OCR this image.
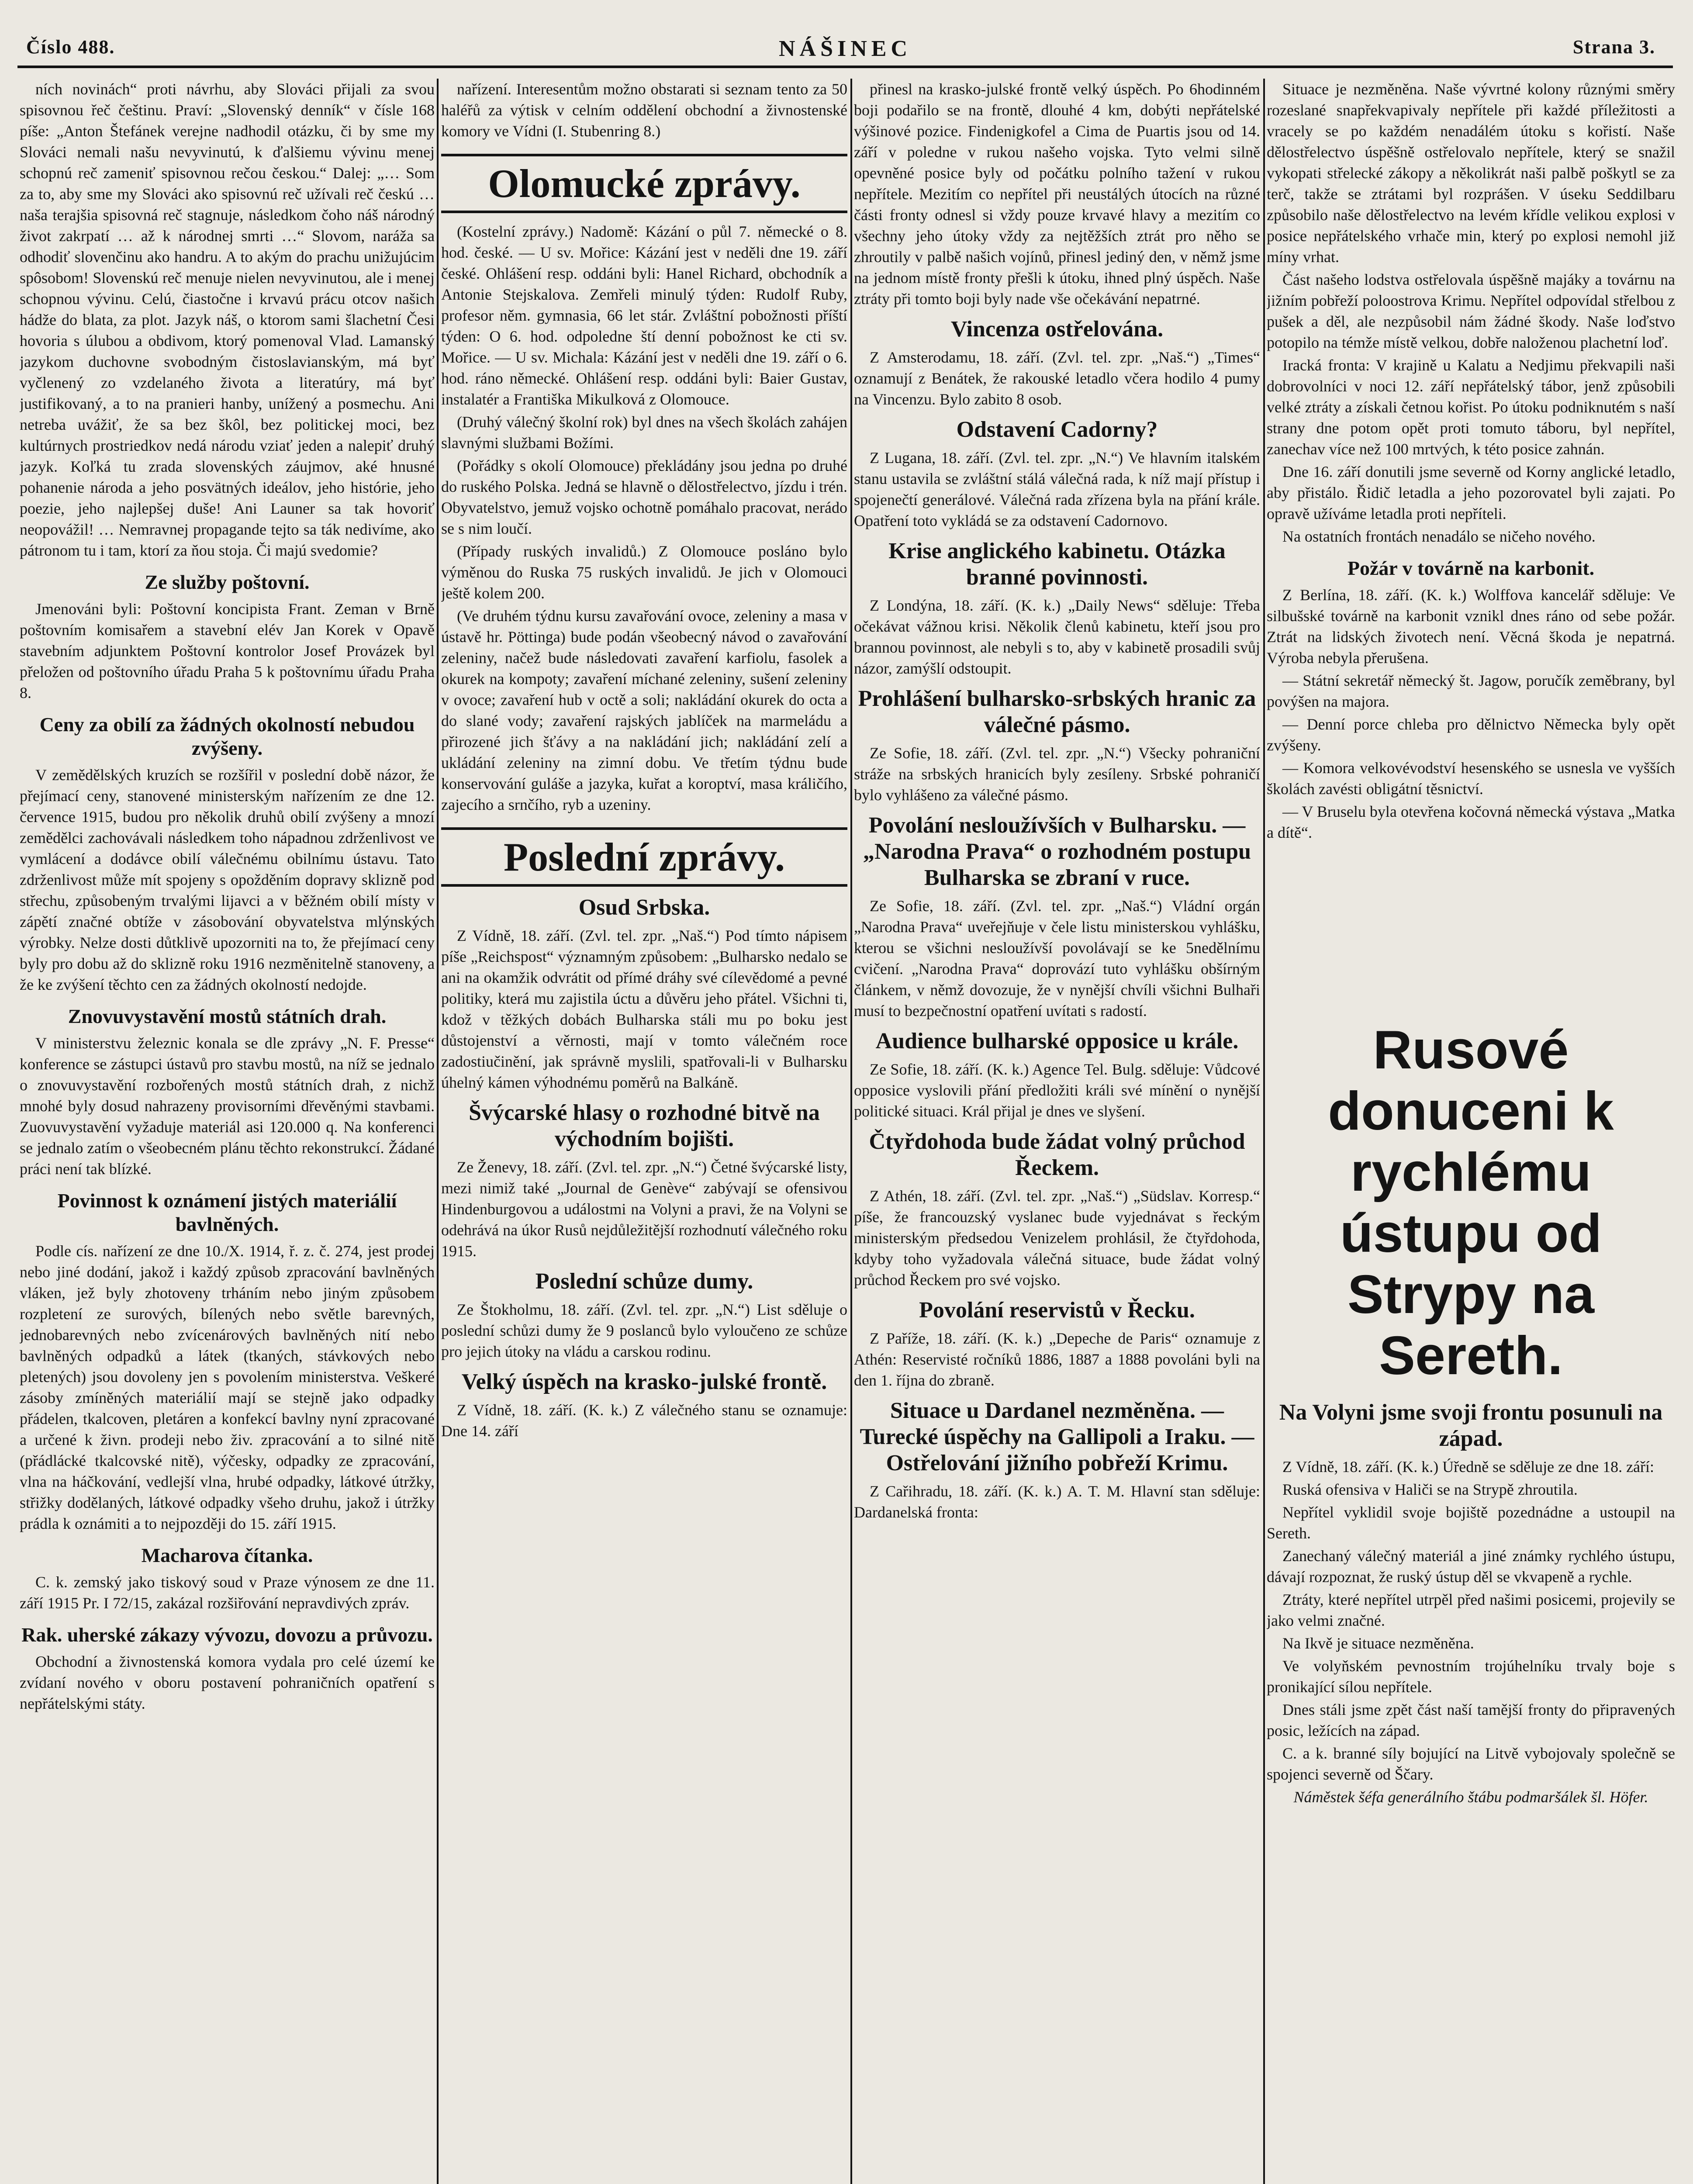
Číslo 488.	NÁŠINEC	Strana 3.

ních novinách“ proti návrhu, aby Slováci přijali za svou spisovnou řeč češtinu. Praví: „Slovenský denník“ v čísle 168 píše: „Anton Štefánek verejne nadhodil otázku, či by sme my Slováci nemali našu nevyvinutú, k ďalšiemu vývinu menej schopnú reč zameniť spisovnou rečou českou.“ Dalej: „… Som za to, aby sme my Slováci ako spisovnú reč užívali reč českú … naša terajšia spisovná reč stagnuje, následkom čoho náš národný život zakrpatí … až k národnej smrti …“ Slovom, naráža sa odhodiť slovenčinu ako handru. A to akým do prachu unižujúcim spôsobom! Slovenskú reč menuje nielen nevyvinutou, ale i menej schopnou vývinu. Celú, čiastočne i krvavú prácu otcov našich hádže do blata, za plot. Jazyk náš, o ktorom sami šlachetní Česi hovoria s úlubou a obdivom, ktorý pomenoval Vlad. Lamanský jazykom duchovne svobodným čistoslavianským, má byť vyčlenený zo vzdelaného života a literatúry, má byť justifikovaný, a to na pranieri hanby, unížený a posmechu. Ani netreba uvážiť, že sa bez škôl, bez politickej moci, bez kultúrnych prostriedkov nedá národu vziať jeden a nalepiť druhý jazyk. Koľká tu zrada slovenských záujmov, aké hnusné pohanenie národa a jeho posvätných ideálov, jeho histórie, jeho poezie, jeho najlepšej duše! Ani Launer sa tak hovoriť neopovážil! … Nemravnej propagande tejto sa ták nedivíme, ako pátronom tu i tam, ktorí za ňou stoja. Či majú svedomie?

Ze služby poštovní.

Jmenováni byli: Poštovní koncipista Frant. Zeman v Brně poštovním komisařem a stavební elév Jan Korek v Opavě stavebním adjunktem Poštovní kontrolor Josef Provázek byl přeložen od poštovního úřadu Praha 5 k poštovnímu úřadu Praha 8.

Ceny za obilí za žádných okolností nebudou zvýšeny.

V zemědělských kruzích se rozšířil v poslední době názor, že přejímací ceny, stanovené ministerským nařízením ze dne 12. července 1915, budou pro několik druhů obilí zvýšeny a mnozí zemědělci zachovávali následkem toho nápadnou zdrženlivost ve vymlácení a dodávce obilí válečnému obilnímu ústavu. Tato zdrženlivost může mít spojeny s opožděním dopravy sklizně pod střechu, způsobeným trvalými lijavci a v běžném obilí místy v zápětí značné obtíže v zásobování obyvatelstva mlýnských výrobky. Nelze dosti důtklivě upozorniti na to, že přejímací ceny byly pro dobu až do sklizně roku 1916 nezměnitelně stanoveny, a že ke zvýšení těchto cen za žádných okolností nedojde.

Znovuvystavění mostů státních drah.

V ministerstvu železnic konala se dle zprávy „N. F. Presse“ konference se zástupci ústavů pro stavbu mostů, na níž se jednalo o znovuvystavění rozbořených mostů státních drah, z nichž mnohé byly dosud nahrazeny provisorními dřevěnými stavbami. Zuovuvystavění vyžaduje materiál asi 120.000 q. Na konferenci se jednalo zatím o všeobecném plánu těchto rekonstrukcí. Žádané práci není tak blízké.

Povinnost k oznámení jistých materiálií bavlněných.

Podle cís. nařízení ze dne 10./X. 1914, ř. z. č. 274, jest prodej nebo jiné dodání, jakož i každý způsob zpracování bavlněných vláken, jež byly zhotoveny trháním nebo jiným způsobem rozpletení ze surových, bílených nebo světle barevných, jednobarevných nebo zvícenárových bavlněných nití nebo bavlněných odpadků a látek (tkaných, stávkových nebo pletených) jsou dovoleny jen s povolením ministerstva. Veškeré zásoby zmíněných materiálií mají se stejně jako odpadky přádelen, tkalcoven, pletáren a konfekcí bavlny nyní zpracované a určené k živn. prodeji nebo živ. zpracování a to silné nitě (přádlácké tkalcovské nitě), výčesky, odpadky ze zpracování, vlna na háčkování, vedlejší vlna, hrubé odpadky, látkové útržky, střižky dodělaných, látkové odpadky všeho druhu, jakož i útržky prádla k oznámiti a to nejpozději do 15. září 1915.

Macharova čítanka.

C. k. zemský jako tiskový soud v Praze výnosem ze dne 11. září 1915 Pr. I 72/15, zakázal rozšiřování nepravdivých zpráv.

Rak. uherské zákazy vývozu, dovozu a průvozu.

Obchodní a živnostenská komora vydala pro celé území ke zvídaní nového v oboru postavení pohraničních opatření s nepřátelskými státy.

nařízení. Interesentům možno obstarati si seznam tento za 50 haléřů za výtisk v celním oddělení obchodní a živnostenské komory ve Vídni (I. Stubenring 8.)

Olomucké zprávy.

(Kostelní zprávy.) Nadomě: Kázání o půl 7. německé o 8. hod. české. — U sv. Mořice: Kázání jest v neděli dne 19. září české. Ohlášení resp. oddáni byli: Hanel Richard, obchodník a Antonie Stejskalova. Zemřeli minulý týden: Rudolf Ruby, profesor něm. gymnasia, 66 let stár. Zvláštní pobožnosti příští týden: O 6. hod. odpoledne ští denní pobožnost ke cti sv. Mořice. — U sv. Michala: Kázání jest v neděli dne 19. září o 6. hod. ráno německé. Ohlášení resp. oddáni byli: Baier Gustav, instalatér a Františka Mikulková z Olomouce.

(Druhý válečný školní rok) byl dnes na všech školách zahájen slavnými službami Božími.

(Pořádky s okolí Olomouce) překládány jsou jedna po druhé do ruského Polska. Jedná se hlavně o dělostřelectvo, jízdu i trén. Obyvatelstvo, jemuž vojsko ochotně pomáhalo pracovat, nerádo se s nim loučí.

(Případy ruských invalidů.) Z Olomouce posláno bylo výměnou do Ruska 75 ruských invalidů. Je jich v Olomouci ještě kolem 200.

(Ve druhém týdnu kursu zavařování ovoce, zeleniny a masa v ústavě hr. Pöttinga) bude podán všeobecný návod o zavařování zeleniny, načež bude následovati zavaření karfiolu, fasolek a okurek na kompoty; zavaření míchané zeleniny, sušení zeleniny v ovoce; zavaření hub v octě a soli; nakládání okurek do octa a do slané vody; zavaření rajských jablíček na marmeládu a přirozené jich šťávy a na nakládání jich; nakládání zelí a ukládání zeleniny na zimní dobu. Ve třetím týdnu bude konservování guláše a jazyka, kuřat a koroptví, masa králičího, zajecího a srnčího, ryb a uzeniny.

Poslední zprávy.
Osud Srbska.

Z Vídně, 18. září. (Zvl. tel. zpr. „Naš.“) Pod tímto nápisem píše „Reichspost“ významným způsobem: „Bulharsko nedalo se ani na okamžik odvrátit od přímé dráhy své cílevědomé a pevné politiky, která mu zajistila úctu a důvěru jeho přátel. Všichni ti, kdož v těžkých dobách Bulharska stáli mu po boku jest důstojenství a věrnosti, mají v tomto válečném roce zadostiučinění, jak správně myslili, spatřovali-li v Bulharsku úhelný kámen výhodnému poměrů na Balkáně.

Švýcarské hlasy o rozhodné bitvě na východním bojišti.

Ze Ženevy, 18. září. (Zvl. tel. zpr. „N.“) Četné švýcarské listy, mezi nimiž také „Journal de Genève“ zabývají se ofensivou Hindenburgovou a událostmi na Volyni a pravi, že na Volyni se odehrává na úkor Rusů nejdůležitější rozhodnutí válečného roku 1915.

Poslední schůze dumy.

Ze Štokholmu, 18. září. (Zvl. tel. zpr. „N.“) List sděluje o poslední schůzi dumy že 9 poslanců bylo vyloučeno ze schůze pro jejich útoky na vládu a carskou rodinu.

Velký úspěch na krasko-julské frontě.

Z Vídně, 18. září. (K. k.) Z válečného stanu se oznamuje: Dne 14. září

přinesl na krasko-julské frontě velký úspěch. Po 6hodinném boji podařilo se na frontě, dlouhé 4 km, dobýti nepřátelské výšinové pozice. Findenigkofel a Cima de Puartis jsou od 14. září v poledne v rukou našeho vojska. Tyto velmi silně opevněné posice byly od počátku polního tažení v rukou nepřítele. Mezitím co nepřítel při neustálých útocích na různé části fronty odnesl si vždy pouze krvavé hlavy a mezitím co všechny jeho útoky vždy za nejtěžších ztrát pro něho se zhroutily v palbě našich vojínů, přinesl jediný den, v němž jsme na jednom místě fronty přešli k útoku, ihned plný úspěch. Naše ztráty při tomto boji byly nade vše očekávání nepatrné.

Vincenza ostřelována.

Z Amsterodamu, 18. září. (Zvl. tel. zpr. „Naš.“) „Times“ oznamují z Benátek, že rakouské letadlo včera hodilo 4 pumy na Vincenzu. Bylo zabito 8 osob.

Odstavení Cadorny?

Z Lugana, 18. září. (Zvl. tel. zpr. „N.“) Ve hlavním italském stanu ustavila se zvláštní stálá válečná rada, k níž mají přístup i spojenečtí generálové. Válečná rada zřízena byla na přání krále. Opatření toto vykládá se za odstavení Cadornovo.

Krise anglického kabinetu. Otázka branné povinnosti.

Z Londýna, 18. září. (K. k.) „Daily News“ sděluje: Třeba očekávat vážnou krisi. Několik členů kabinetu, kteří jsou pro brannou povinnost, ale nebyli s to, aby v kabinetě prosadili svůj názor, zamýšlí odstoupit.

Prohlášení bulharsko-srbských hranic za válečné pásmo.

Ze Sofie, 18. září. (Zvl. tel. zpr. „N.“) Všecky pohraniční stráže na srbských hranicích byly zesíleny. Srbské pohraničí bylo vyhlášeno za válečné pásmo.

Povolání nesloužívších v Bulharsku. — „Narodna Prava“ o rozhodném postupu Bulharska se zbraní v ruce.

Ze Sofie, 18. září. (Zvl. tel. zpr. „Naš.“) Vládní orgán „Narodna Prava“ uveřejňuje v čele listu ministerskou vyhlášku, kterou se všichni nesloužívší povolávají se ke 5nedělnímu cvičení. „Narodna Prava“ doprovází tuto vyhlášku obšírným článkem, v němž dovozuje, že v nynější chvíli všichni Bulhaři musí to bezpečnostní opatření uvítati s radostí.

Audience bulharské opposice u krále.

Ze Sofie, 18. září. (K. k.) Agence Tel. Bulg. sděluje: Vůdcové opposice vyslovili přání předložiti králi své mínění o nynější politické situaci. Král přijal je dnes ve slyšení.

Čtyřdohoda bude žádat volný průchod Řeckem.

Z Athén, 18. září. (Zvl. tel. zpr. „Naš.“) „Südslav. Korresp.“ píše, že francouzský vyslanec bude vyjednávat s řeckým ministerským předsedou Venizelem prohlásil, že čtyřdohoda, kdyby toho vyžadovala válečná situace, bude žádat volný průchod Řeckem pro své vojsko.

Povolání reservistů v Řecku.

Z Paříže, 18. září. (K. k.) „Depeche de Paris“ oznamuje z Athén: Reservisté ročníků 1886, 1887 a 1888 povoláni byli na den 1. října do zbraně.

Situace u Dardanel nezměněna. — Turecké úspěchy na Gallipoli a Iraku. — Ostřelování jižního pobřeží Krimu.

Z Cařihradu, 18. září. (K. k.) A. T. M. Hlavní stan sděluje: Dardanelská fronta:

Situace je nezměněna. Naše vývrtné kolony různými směry rozeslané snapřekvapivaly nepřítele při každé příležitosti a vracely se po každém nenadálém útoku s kořistí. Naše dělostřelectvo úspěšně ostřelovalo nepřítele, který se snažil vykopati střelecké zákopy a několikrát naši palbě poškytl se za terč, takže se ztrátami byl rozprášen. V úseku Seddilbaru způsobilo naše dělostřelectvo na levém křídle velikou explosi v posice nepřátelského vrhače min, který po explosi nemohl již míny vrhat.

Část našeho lodstva ostřelovala úspěšně majáky a továrnu na jižním pobřeží poloostrova Krimu. Nepřítel odpovídal střelbou z pušek a děl, ale nezpůsobil nám žádné škody. Naše loďstvo potopilo na témže místě velkou, dobře naloženou plachetní loď.

Iracká fronta: V krajině u Kalatu a Nedjimu překvapili naši dobrovolníci v noci 12. září nepřátelský tábor, jenž způsobili velké ztráty a získali četnou kořist. Po útoku podniknutém s naší strany dne potom opět proti tomuto táboru, byl nepřítel, zanechav více než 100 mrtvých, k této posice zahnán.

Dne 16. září donutili jsme severně od Korny anglické letadlo, aby přistálo. Řidič letadla a jeho pozorovatel byli zajati. Po opravě užíváme letadla proti nepříteli.

Na ostatních frontách nenadálo se ničeho nového.

Požár v továrně na karbonit.

Z Berlína, 18. září. (K. k.) Wolffova kancelář sděluje: Ve silbušské továrně na karbonit vznikl dnes ráno od sebe požár. Ztrát na lidských životech není. Věcná škoda je nepatrná. Výroba nebyla přerušena.

— Státní sekretář německý št. Jagow, poručík zeměbrany, byl povýšen na majora.

— Denní porce chleba pro dělnictvo Německa byly opět zvýšeny.

— Komora velkovévodství hesenského se usnesla ve vyšších školách zavésti obligátní těsnictví.

— V Bruselu byla otevřena kočovná německá výstava „Matka a dítě“.

Rusové donuceni k rychlému ústupu od Strypy na Sereth.
Na Volyni jsme svoji frontu posunuli na západ.

Z Vídně, 18. září. (K. k.) Úředně se sděluje ze dne 18. září:

Ruská ofensiva v Haliči se na Strypě zhroutila.

Nepřítel vyklidil svoje bojiště pozednádne a ustoupil na Sereth.

Zanechaný válečný materiál a jiné známky rychlého ústupu, dávají rozpoznat, že ruský ústup děl se vkvapeně a rychle.

Ztráty, které nepřítel utrpěl před našimi posicemi, projevily se jako velmi značné.

Na Ikvě je situace nezměněna.

Ve volyňském pevnostním trojúhelníku trvaly boje s pronikající sílou nepřítele.

Dnes stáli jsme zpět část naší tamější fronty do připravených posic, ležících na západ.

C. a k. branné síly bojující na Litvě vybojovaly společně se spojenci severně od Ščary.

Náměstek šéfa generálního štábu podmaršálek šl. Höfer.
